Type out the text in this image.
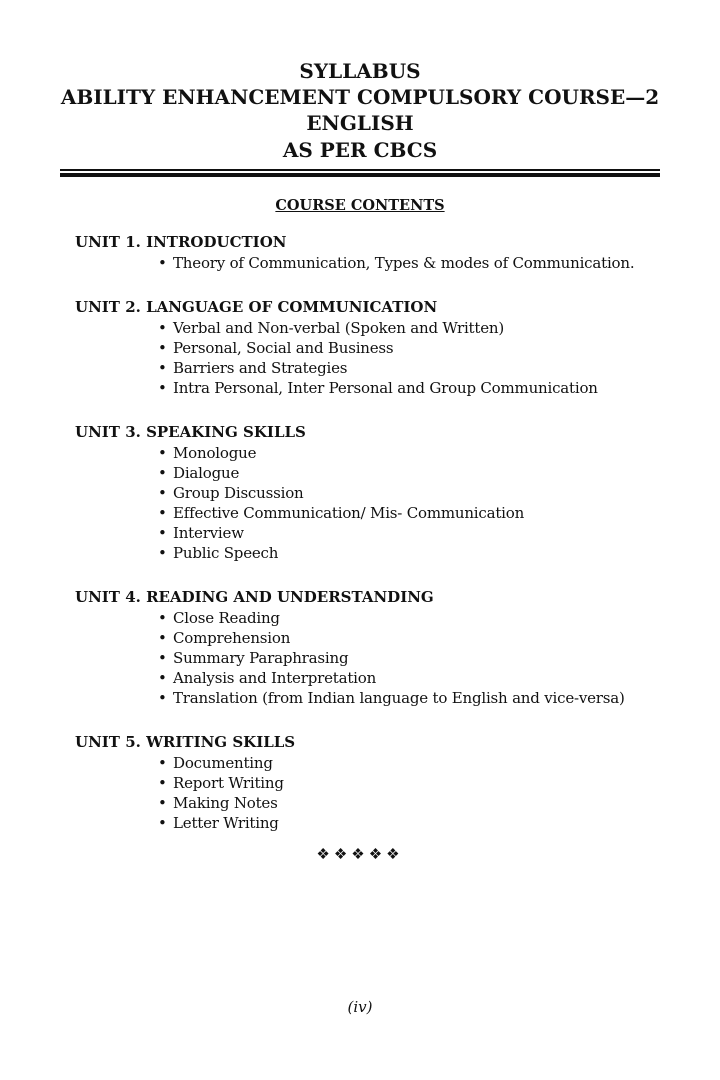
SYLLABUS
ABILITY ENHANCEMENT COMPULSORY COURSE—2
ENGLISH
AS PER CBCS
COURSE CONTENTS
UNIT 1. INTRODUCTION
• Theory of Communication, Types & modes of Communication.
UNIT 2. LANGUAGE OF COMMUNICATION
• Verbal and Non-verbal (Spoken and Written)
• Personal, Social and Business
• Barriers and Strategies
• Intra Personal, Inter Personal and Group Communication
UNIT 3. SPEAKING SKILLS
• Monologue
• Dialogue
• Group Discussion
• Effective Communication/ Mis- Communication
• Interview
• Public Speech
UNIT 4. READING AND UNDERSTANDING
• Close Reading
• Comprehension
• Summary Paraphrasing
• Analysis and Interpretation
• Translation (from Indian language to English and vice-versa)
UNIT 5. WRITING SKILLS
• Documenting
• Report Writing
• Making Notes
• Letter Writing
❖❖❖❖❖
(iv)
